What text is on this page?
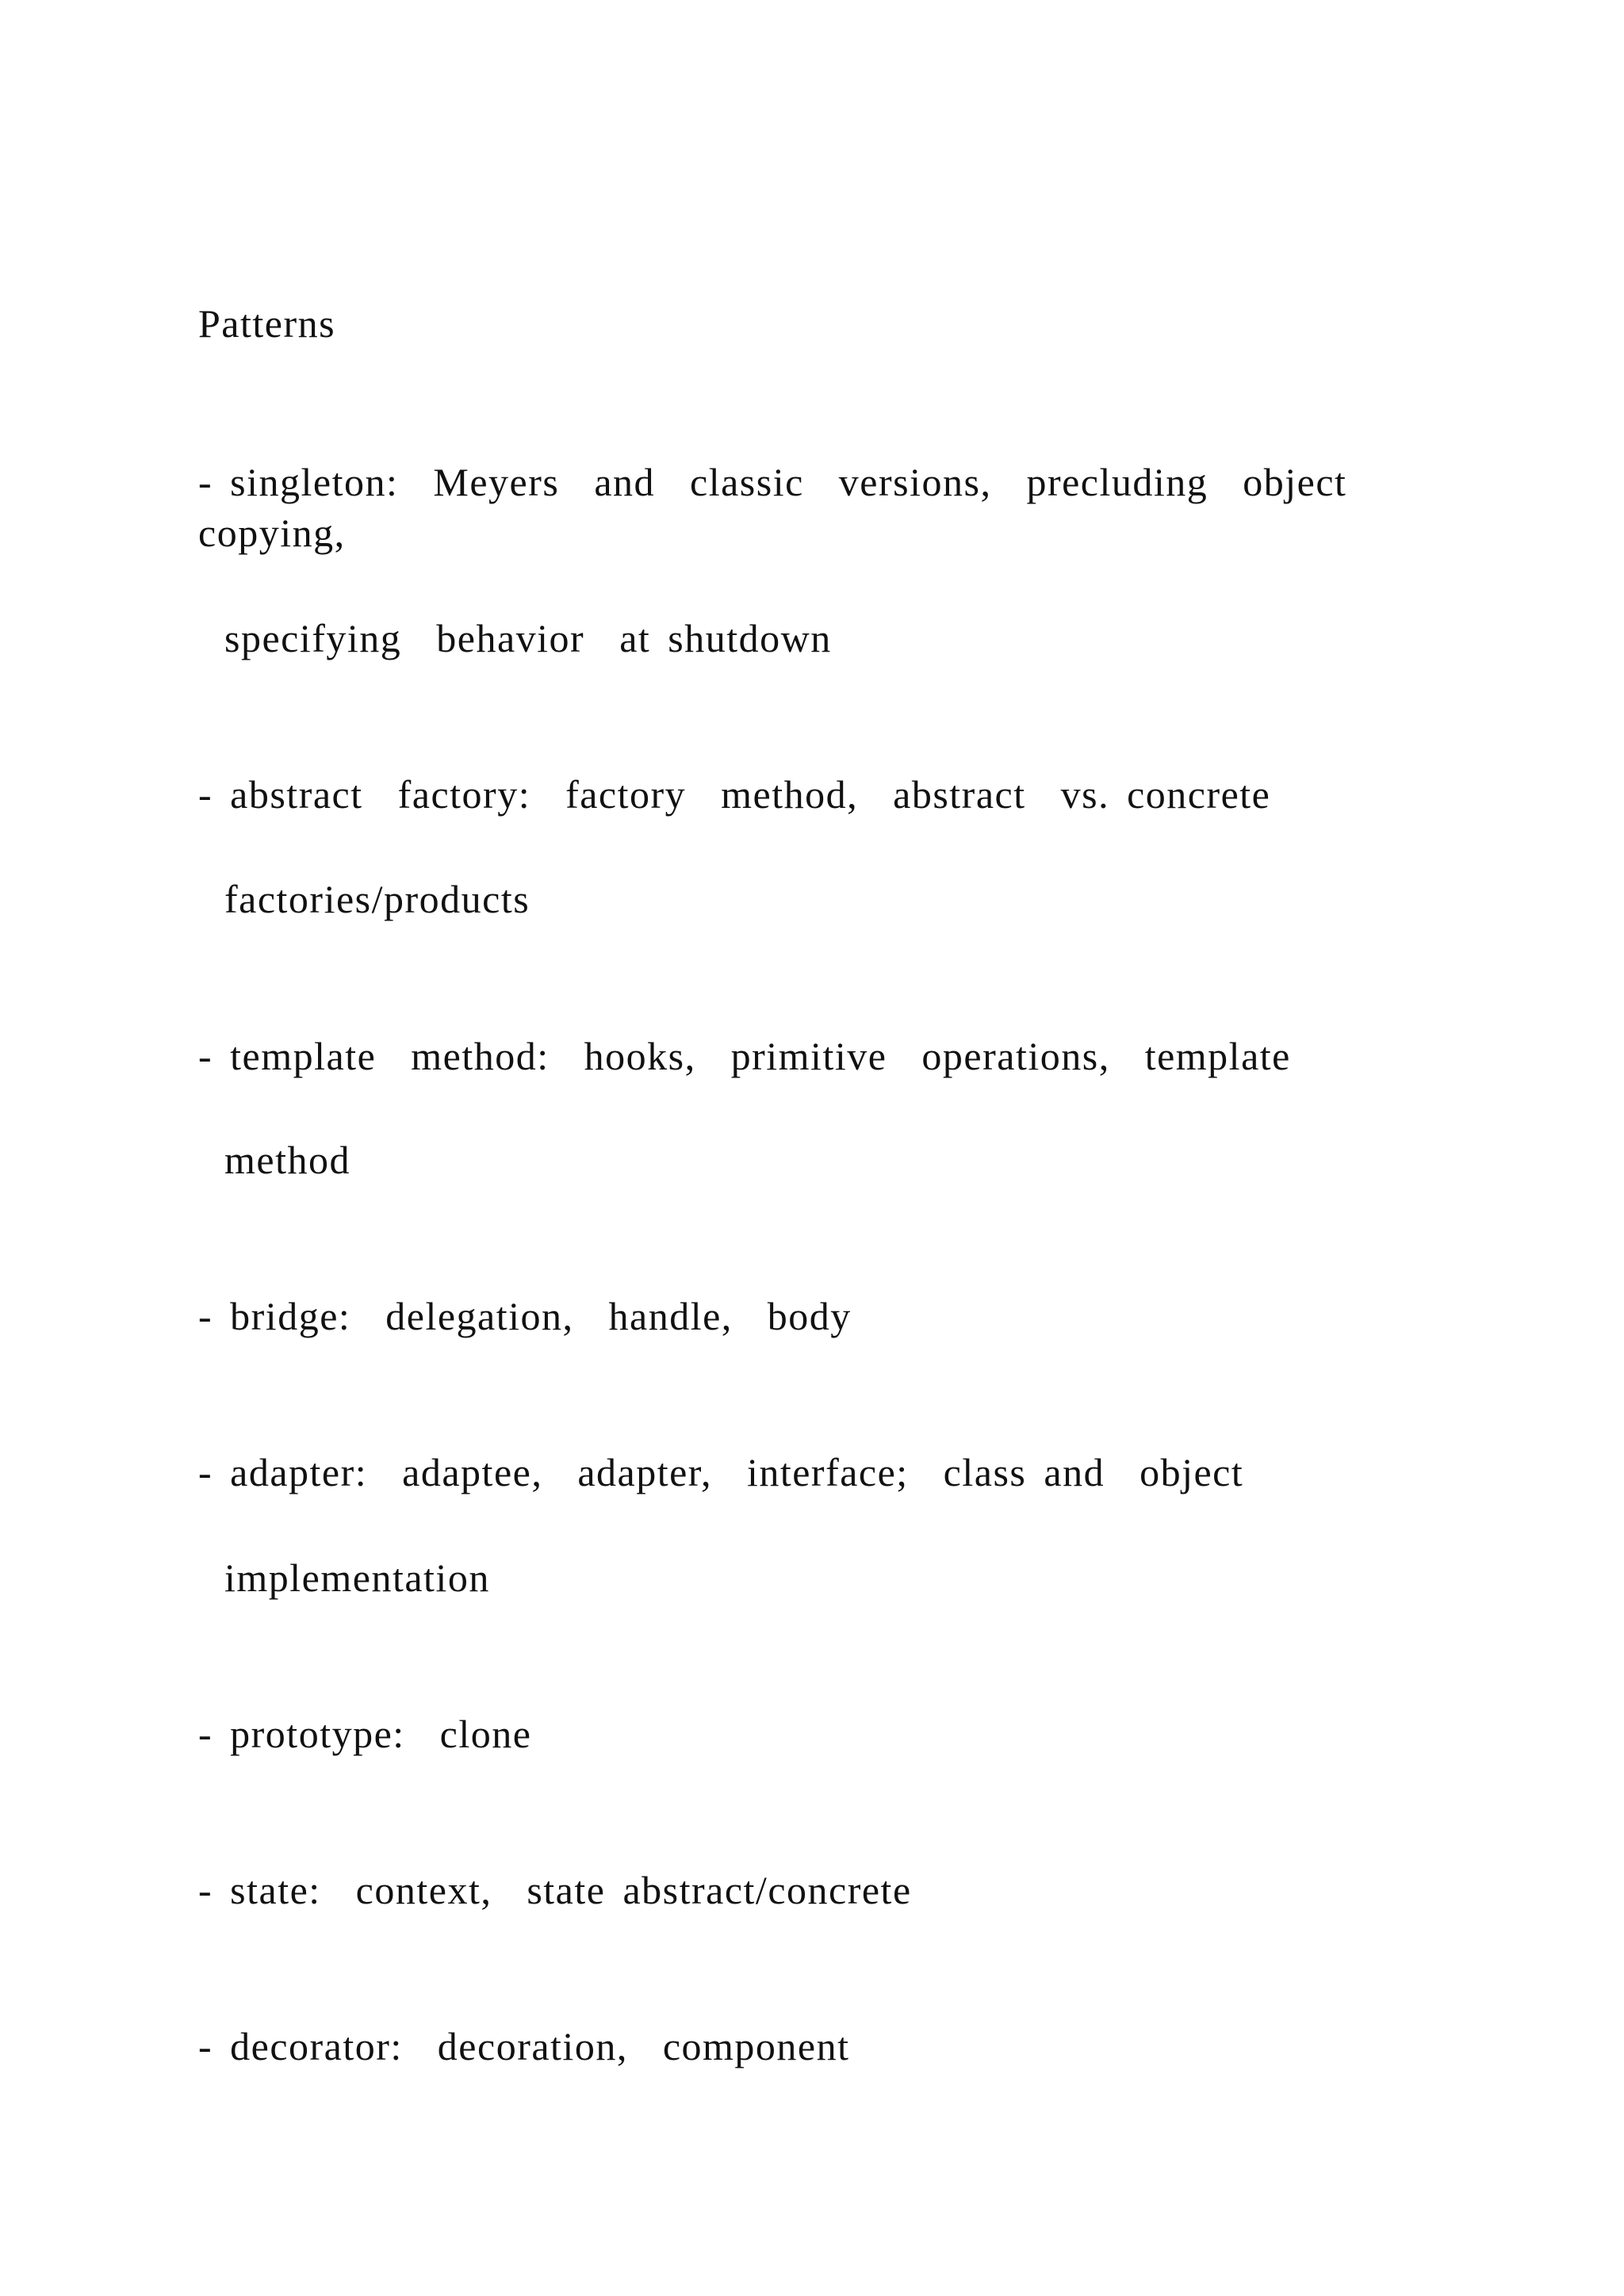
Patterns
- singleton:  Meyers  and  classic  versions,  precluding  object
copying,
specifying  behavior  at shutdown
- abstract  factory:  factory  method,  abstract  vs. concrete
factories/products
- template  method:  hooks,  primitive  operations,  template
method
- bridge:  delegation,  handle,  body
- adapter:  adaptee,  adapter,  interface;  class and  object
implementation
- prototype:  clone
- state:  context,  state abstract/concrete
- decorator:  decoration,  component
